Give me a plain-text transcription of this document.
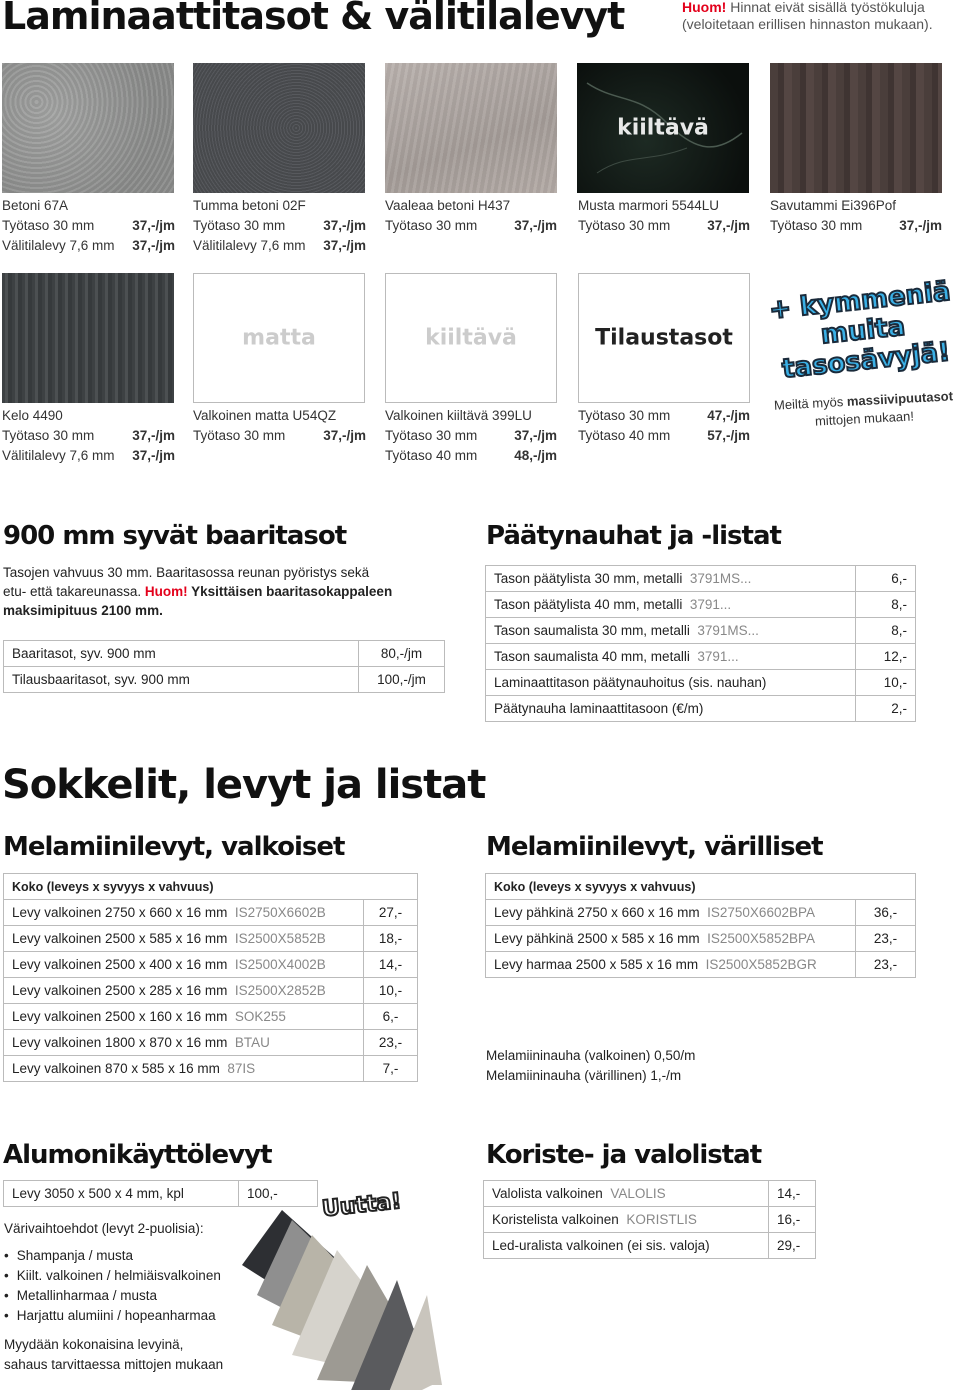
Laminaattitasot & välitilalevyt	Huom! Hinnat eivät sisällä työstökuluja
(veloitetaan erillisen hinnaston mukaan).
kiiltävä
Betoni 67A
Työtaso 30 mm	37,-/jm
Välitilalevy 7,6 mm 37,-/jm
Tumma betoni 02F
Työtaso 30 mm	37,-/jm
Välitilalevy 7,6 mm 37,-/jm
Vaaleaa betoni H437
Työtaso 30 mm	37,-/jm
Musta marmori 5544LU
Työtaso 30 mm	37,-/jm
Savutammi Ei396Pof
Työtaso 30 mm	37,-/jm
matta	kiiltävä	Tilaustasot
+ kymmeniä muita tasosävyjä!
Kelo 4490
Työtaso 30 mm	37,-/jm
Välitilalevy 7,6 mm 37,-/jm
Valkoinen matta U54QZ
Työtaso 30 mm	37,-/jm
Valkoinen kiiltävä 399LU
Työtaso 30 mm	37,-/jm
Työtaso 40 mm	48,-/jm
Työtaso 30 mm	47,-/jm
Työtaso 40 mm	57,-/jm
Meiltä myös massiivipuutasot
mittojen mukaan!
900 mm syvät baaritasot
Tasojen vahvuus 30 mm. Baaritasossa reunan pyöristys sekä
etu- että takareunassa. Huom! Yksittäisen baaritasokappaleen
maksimipituus 2100 mm.
Baaritasot, syv. 900 mm	80,-/jm
Tilausbaaritasot, syv. 900 mm	100,-/jm
Päätynauhat ja -listat
Tason päätylista 30 mm, metalli 3791MS...	6,-
Tason päätylista 40 mm, metalli 3791...	8,-
Tason saumalista 30 mm, metalli 3791MS...	8,-
Tason saumalista 40 mm, metalli 3791...	12,-
Laminaattitason päätynauhoitus (sis. nauhan)	10,-
Päätynauha laminaattitasoon (€/m)	2,-
Sokkelit, levyt ja listat
Melamiinilevyt, valkoiset
Koko (leveys x syvyys x vahvuus)	
Levy valkoinen 2750 x 660 x 16 mm IS2750X6602B	27,-
Levy valkoinen 2500 x 585 x 16 mm IS2500X5852B	18,-
Levy valkoinen 2500 x 400 x 16 mm IS2500X4002B	14,-
Levy valkoinen 2500 x 285 x 16 mm IS2500X2852B	10,-
Levy valkoinen 2500 x 160 x 16 mm SOK255	6,-
Levy valkoinen 1800 x 870 x 16 mm BTAU	23,-
Levy valkoinen 870 x 585 x 16 mm 87IS	7,-
Melamiinilevyt, värilliset
Koko (leveys x syvyys x vahvuus)	
Levy pähkinä 2750 x 660 x 16 mm IS2750X6602BPA	36,-
Levy pähkinä 2500 x 585 x 16 mm IS2500X5852BPA	23,-
Levy harmaa 2500 x 585 x 16 mm IS2500X5852BGR	23,-
Melamiininauha (valkoinen) 0,50/m
Melamiininauha (värillinen) 1,-/m
Alumonikäyttölevyt
Levy 3050 x 500 x 4 mm, kpl	100,-
Värivaihtoehdot (levyt 2-puolisia):
• Shampanja / musta
• Kiilt. valkoinen / helmiäisvalkoinen
• Metallinharmaa / musta
• Harjattu alumiini / hopeanharmaa
Myydään kokonaisina levyinä,
sahaus tarvittaessa mittojen mukaan
Uutta!
Koriste- ja valolistat
Valolista valkoinen VALOLIS	14,-
Koristelista valkoinen KORISTLIS	16,-
Led-uralista valkoinen (ei sis. valoja)	29,-
